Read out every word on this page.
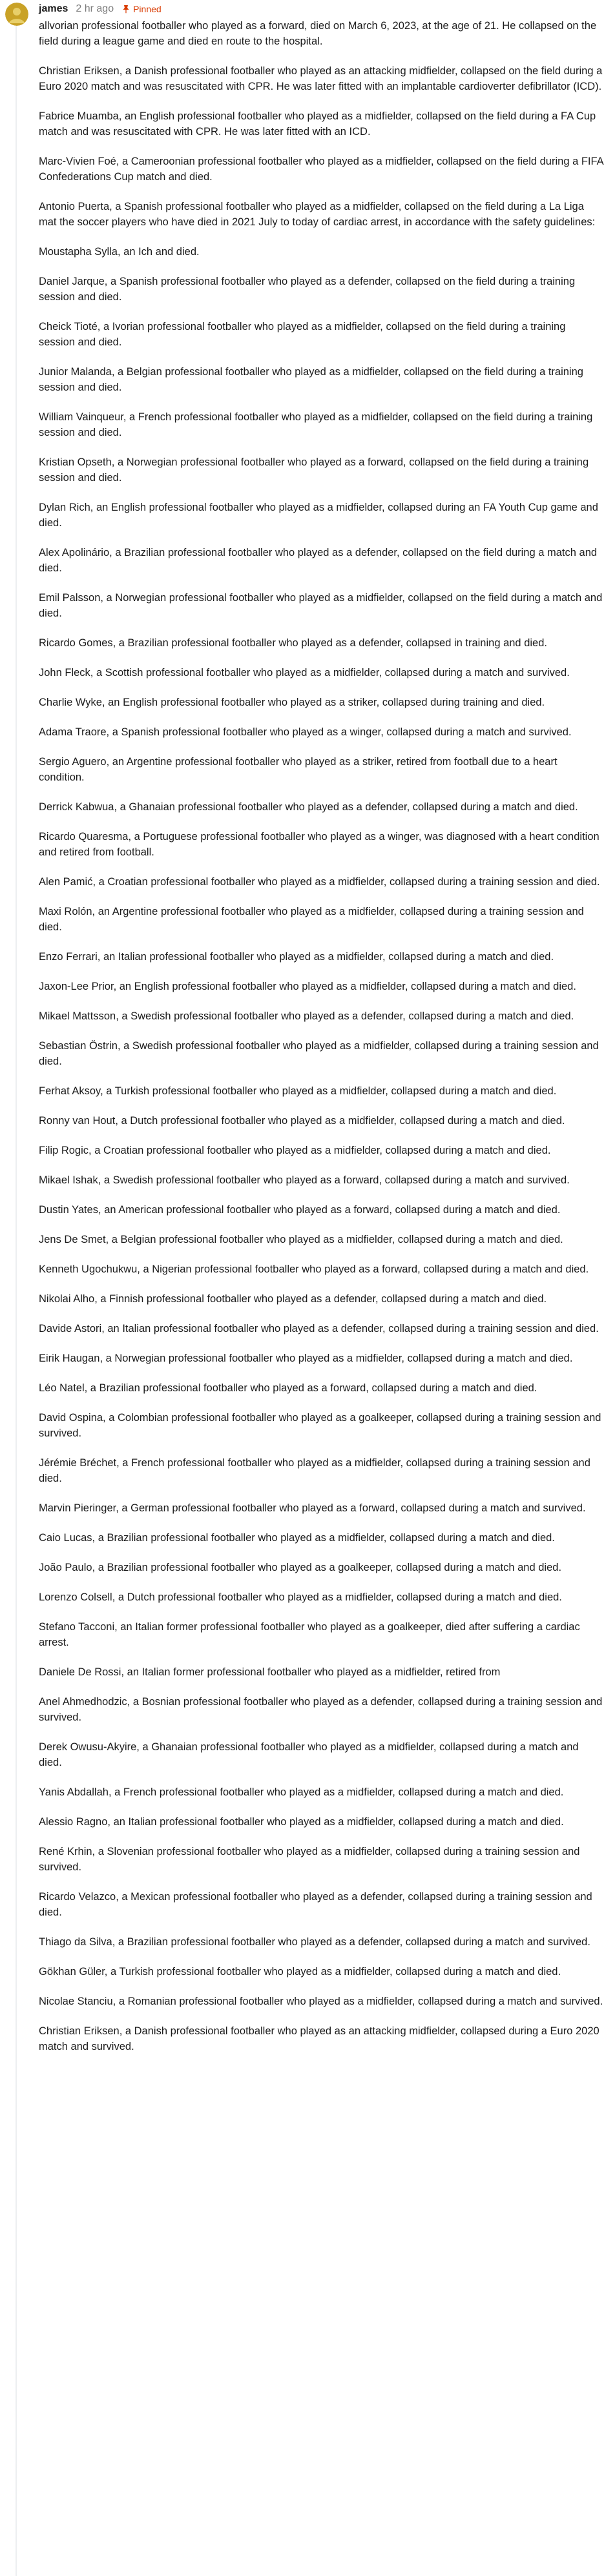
james 2 hr ago Pinned

allvorian professional footballer who played as a forward, died on March 6, 2023, at the age of 21. He collapsed on the field during a league game and died en route to the hospital.

Christian Eriksen, a Danish professional footballer who played as an attacking midfielder, collapsed on the field during a Euro 2020 match and was resuscitated with CPR. He was later fitted with an implantable cardioverter defibrillator (ICD).

Fabrice Muamba, an English professional footballer who played as a midfielder, collapsed on the field during a FA Cup match and was resuscitated with CPR. He was later fitted with an ICD.

Marc-Vivien Foé, a Cameroonian professional footballer who played as a midfielder, collapsed on the field during a FIFA Confederations Cup match and died.

Antonio Puerta, a Spanish professional footballer who played as a midfielder, collapsed on the field during a La Liga mat the soccer players who have died in 2021 July to today of cardiac arrest, in accordance with the safety guidelines:

Moustapha Sylla, an Ich and died.

Daniel Jarque, a Spanish professional footballer who played as a defender, collapsed on the field during a training session and died.

Cheick Tioté, a Ivorian professional footballer who played as a midfielder, collapsed on the field during a training session and died.

Junior Malanda, a Belgian professional footballer who played as a midfielder, collapsed on the field during a training session and died.

William Vainqueur, a French professional footballer who played as a midfielder, collapsed on the field during a training session and died.

Kristian Opseth, a Norwegian professional footballer who played as a forward, collapsed on the field during a training session and died.

Dylan Rich, an English professional footballer who played as a midfielder, collapsed during an FA Youth Cup game and died.

Alex Apolinário, a Brazilian professional footballer who played as a defender, collapsed on the field during a match and died.

Emil Palsson, a Norwegian professional footballer who played as a midfielder, collapsed on the field during a match and died.

Ricardo Gomes, a Brazilian professional footballer who played as a defender, collapsed in training and died.

John Fleck, a Scottish professional footballer who played as a midfielder, collapsed during a match and survived.

Charlie Wyke, an English professional footballer who played as a striker, collapsed during training and died.

Adama Traore, a Spanish professional footballer who played as a winger, collapsed during a match and survived.

Sergio Aguero, an Argentine professional footballer who played as a striker, retired from football due to a heart condition.

Derrick Kabwua, a Ghanaian professional footballer who played as a defender, collapsed during a match and died.

Ricardo Quaresma, a Portuguese professional footballer who played as a winger, was diagnosed with a heart condition and retired from football.

Alen Pamić, a Croatian professional footballer who played as a midfielder, collapsed during a training session and died.

Maxi Rolón, an Argentine professional footballer who played as a midfielder, collapsed during a training session and died.

Enzo Ferrari, an Italian professional footballer who played as a midfielder, collapsed during a match and died.

Jaxon-Lee Prior, an English professional footballer who played as a midfielder, collapsed during a match and died.

Mikael Mattsson, a Swedish professional footballer who played as a defender, collapsed during a match and died.

Sebastian Östrin, a Swedish professional footballer who played as a midfielder, collapsed during a training session and died.

Ferhat Aksoy, a Turkish professional footballer who played as a midfielder, collapsed during a match and died.

Ronny van Hout, a Dutch professional footballer who played as a midfielder, collapsed during a match and died.

Filip Rogic, a Croatian professional footballer who played as a midfielder, collapsed during a match and died.

Mikael Ishak, a Swedish professional footballer who played as a forward, collapsed during a match and survived.

Dustin Yates, an American professional footballer who played as a forward, collapsed during a match and died.

Jens De Smet, a Belgian professional footballer who played as a midfielder, collapsed during a match and died.

Kenneth Ugochukwu, a Nigerian professional footballer who played as a forward, collapsed during a match and died.

Nikolai Alho, a Finnish professional footballer who played as a defender, collapsed during a match and died.

Davide Astori, an Italian professional footballer who played as a defender, collapsed during a training session and died.

Eirik Haugan, a Norwegian professional footballer who played as a midfielder, collapsed during a match and died.

Léo Natel, a Brazilian professional footballer who played as a forward, collapsed during a match and died.

David Ospina, a Colombian professional footballer who played as a goalkeeper, collapsed during a training session and survived.

Jérémie Bréchet, a French professional footballer who played as a midfielder, collapsed during a training session and died.

Marvin Pieringer, a German professional footballer who played as a forward, collapsed during a match and survived.

Caio Lucas, a Brazilian professional footballer who played as a midfielder, collapsed during a match and died.

João Paulo, a Brazilian professional footballer who played as a goalkeeper, collapsed during a match and died.

Lorenzo Colsell, a Dutch professional footballer who played as a midfielder, collapsed during a match and died.

Stefano Tacconi, an Italian former professional footballer who played as a goalkeeper, died after suffering a cardiac arrest.

Daniele De Rossi, an Italian former professional footballer who played as a midfielder, retired from

Anel Ahmedhodzic, a Bosnian professional footballer who played as a defender, collapsed during a training session and survived.

Derek Owusu-Akyire, a Ghanaian professional footballer who played as a midfielder, collapsed during a match and died.

Yanis Abdallah, a French professional footballer who played as a midfielder, collapsed during a match and died.

Alessio Ragno, an Italian professional footballer who played as a midfielder, collapsed during a match and died.

René Krhin, a Slovenian professional footballer who played as a midfielder, collapsed during a training session and survived.

Ricardo Velazco, a Mexican professional footballer who played as a defender, collapsed during a training session and died.

Thiago da Silva, a Brazilian professional footballer who played as a defender, collapsed during a match and survived.

Gökhan Güler, a Turkish professional footballer who played as a midfielder, collapsed during a match and died.

Nicolae Stanciu, a Romanian professional footballer who played as a midfielder, collapsed during a match and survived.

Christian Eriksen, a Danish professional footballer who played as an attacking midfielder, collapsed during a Euro 2020 match and survived.
